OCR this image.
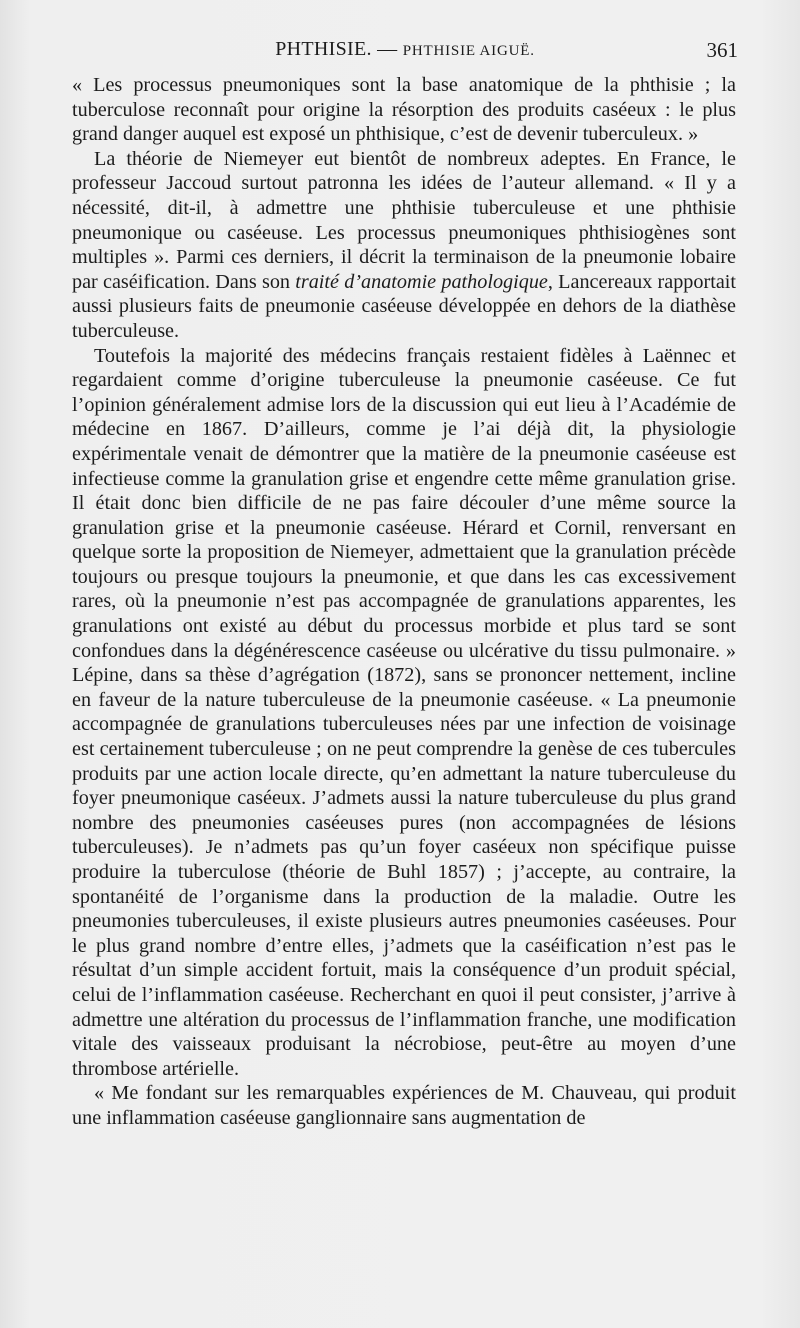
PHTHISIE. — PHTHISIE AIGUË.	361

« Les processus pneumoniques sont la base anatomique de la phthisie ; la tuberculose reconnaît pour origine la résorption des produits caséeux : le plus grand danger auquel est exposé un phthisique, c’est de devenir tuberculeux. »

La théorie de Niemeyer eut bientôt de nombreux adeptes. En France, le professeur Jaccoud surtout patronna les idées de l’auteur allemand. « Il y a nécessité, dit-il, à admettre une phthisie tuberculeuse et une phthisie pneumonique ou caséeuse. Les processus pneumoniques phthisiogènes sont multiples ». Parmi ces derniers, il décrit la terminaison de la pneumonie lobaire par caséification. Dans son traité d’anatomie pathologique, Lancereaux rapportait aussi plusieurs faits de pneumonie caséeuse développée en dehors de la diathèse tuberculeuse.

Toutefois la majorité des médecins français restaient fidèles à Laënnec et regardaient comme d’origine tuberculeuse la pneumonie caséeuse. Ce fut l’opinion généralement admise lors de la discussion qui eut lieu à l’Académie de médecine en 1867. D’ailleurs, comme je l’ai déjà dit, la physiologie expérimentale venait de démontrer que la matière de la pneumonie caséeuse est infectieuse comme la granulation grise et engendre cette même granulation grise. Il était donc bien difficile de ne pas faire découler d’une même source la granulation grise et la pneumonie caséeuse. Hérard et Cornil, renversant en quelque sorte la proposition de Niemeyer, admettaient que la granulation précède toujours ou presque toujours la pneumonie, et que dans les cas excessivement rares, où la pneumonie n’est pas accompagnée de granulations apparentes, les granulations ont existé au début du processus morbide et plus tard se sont confondues dans la dégénérescence caséeuse ou ulcérative du tissu pulmonaire. » Lépine, dans sa thèse d’agrégation (1872), sans se prononcer nettement, incline en faveur de la nature tuberculeuse de la pneumonie caséeuse. « La pneumonie accompagnée de granulations tuberculeuses nées par une infection de voisinage est certainement tuberculeuse ; on ne peut comprendre la genèse de ces tubercules produits par une action locale directe, qu’en admettant la nature tuberculeuse du foyer pneumonique caséeux. J’admets aussi la nature tuberculeuse du plus grand nombre des pneumonies caséeuses pures (non accompagnées de lésions tuberculeuses). Je n’admets pas qu’un foyer caséeux non spécifique puisse produire la tuberculose (théorie de Buhl 1857) ; j’accepte, au contraire, la spontanéité de l’organisme dans la production de la maladie. Outre les pneumonies tuberculeuses, il existe plusieurs autres pneumonies caséeuses. Pour le plus grand nombre d’entre elles, j’admets que la caséification n’est pas le résultat d’un simple accident fortuit, mais la conséquence d’un produit spécial, celui de l’inflammation caséeuse. Recherchant en quoi il peut consister, j’arrive à admettre une altération du processus de l’inflammation franche, une modification vitale des vaisseaux produisant la nécrobiose, peut-être au moyen d’une thrombose artérielle.

« Me fondant sur les remarquables expériences de M. Chauveau, qui produit une inflammation caséeuse ganglionnaire sans augmentation de
